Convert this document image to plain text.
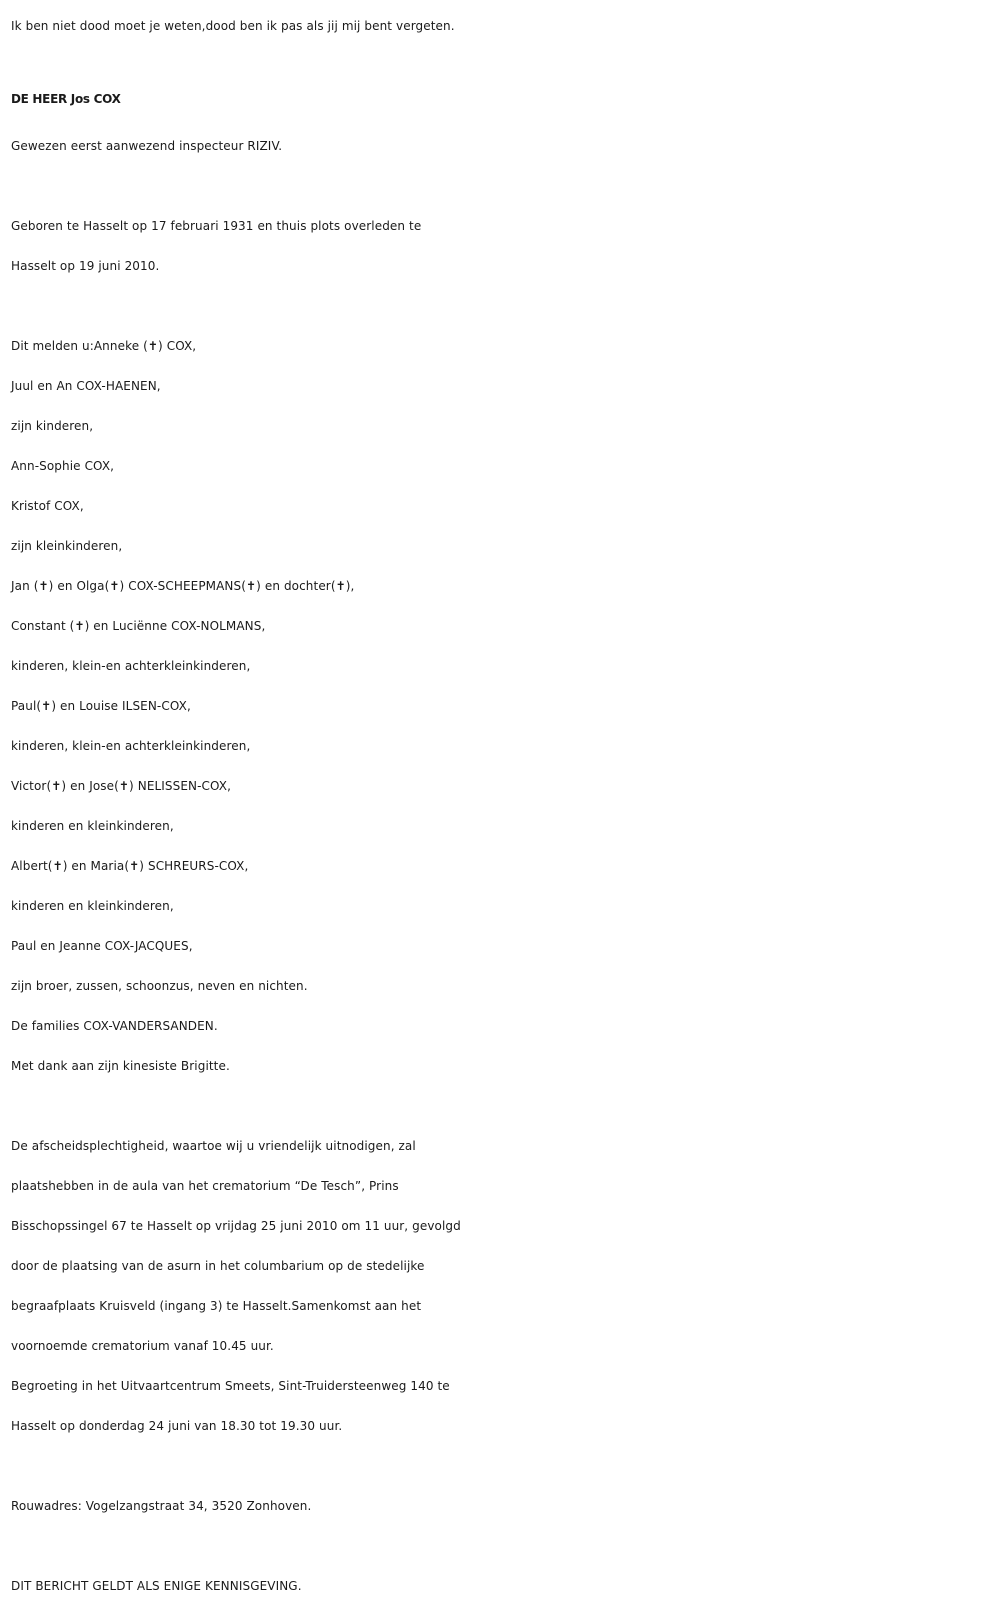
Ik ben niet dood moet je weten,dood ben ik pas als jij mij bent vergeten.
DE HEER Jos COX
Gewezen eerst aanwezend inspecteur RIZIV.
Geboren te Hasselt op 17 februari 1931 en thuis plots overleden te
Hasselt op 19 juni 2010.
Dit melden u:Anneke (✝) COX,
Juul en An COX-HAENEN,
zijn kinderen,
Ann-Sophie COX,
Kristof COX,
zijn kleinkinderen,
Jan (✝) en Olga(✝) COX-SCHEEPMANS(✝) en dochter(✝),
Constant (✝) en Luciënne COX-NOLMANS,
kinderen, klein-en achterkleinkinderen,
Paul(✝) en Louise ILSEN-COX,
kinderen, klein-en achterkleinkinderen,
Victor(✝) en Jose(✝) NELISSEN-COX,
kinderen en kleinkinderen,
Albert(✝) en Maria(✝) SCHREURS-COX,
kinderen en kleinkinderen,
Paul en Jeanne COX-JACQUES,
zijn broer, zussen, schoonzus, neven en nichten.
De families COX-VANDERSANDEN.
Met dank aan zijn kinesiste Brigitte.
De afscheidsplechtigheid, waartoe wij u vriendelijk uitnodigen, zal
plaatshebben in de aula van het crematorium “De Tesch”, Prins
Bisschopssingel 67 te Hasselt op vrijdag 25 juni 2010 om 11 uur, gevolgd
door de plaatsing van de asurn in het columbarium op de stedelijke
begraafplaats Kruisveld (ingang 3) te Hasselt.Samenkomst aan het
voornoemde crematorium vanaf 10.45 uur.
Begroeting in het Uitvaartcentrum Smeets, Sint-Truidersteenweg 140 te
Hasselt op donderdag 24 juni van 18.30 tot 19.30 uur.
Rouwadres: Vogelzangstraat 34, 3520 Zonhoven.
DIT BERICHT GELDT ALS ENIGE KENNISGEVING.
